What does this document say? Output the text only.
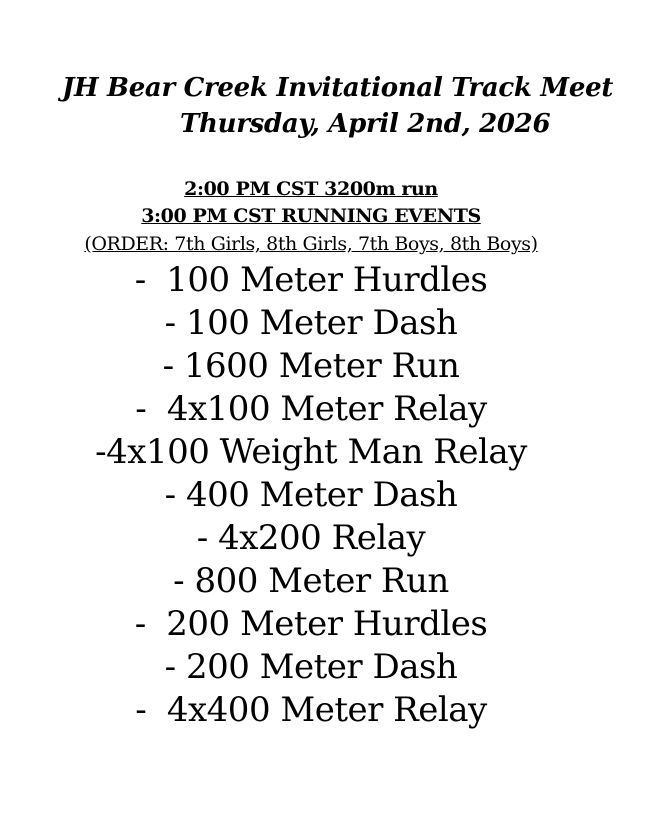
JH Bear Creek Invitational Track Meet
Thursday, April 2nd, 2026
2:00 PM CST 3200m run
3:00 PM CST RUNNING EVENTS
(ORDER: 7th Girls, 8th Girls, 7th Boys, 8th Boys)
-  100 Meter Hurdles
- 100 Meter Dash
- 1600 Meter Run
-  4x100 Meter Relay
-4x100 Weight Man Relay
- 400 Meter Dash
- 4x200 Relay
- 800 Meter Run
-  200 Meter Hurdles
- 200 Meter Dash
-  4x400 Meter Relay
